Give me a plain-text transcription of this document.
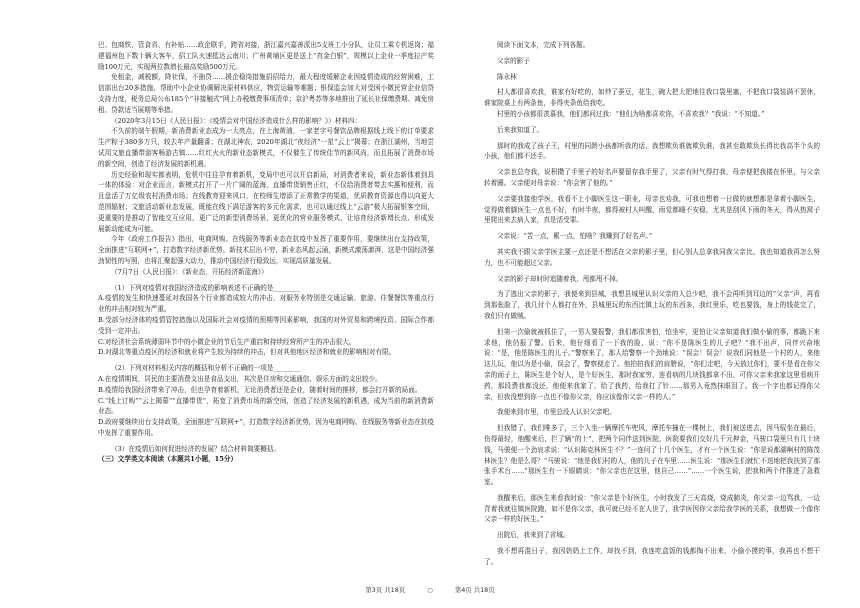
巴、包商铁、管食省、有补贴……政企联手，跨省对接，浙江嘉兴嘉善派出5支班工小分队，让员工乘专机返岗；福建福州包下数十辆大客车，招工队火速抵达云南川；广州黄埔区更是送上“真金白银”，规模以上企业一季度拉产奖励100万元，实现两位数增长最高奖励500万元。

免租金，减税额，降社保，不抽贷……援企稳岗措施招招给力，最大程度缓解企业因疫情造成的经营困难，工信部出台20多措施，帮助中小企业协调解决原材料供应，物资运输等难题；银保监会加大对受困小微民营企业信贷支持力度，税务总局公布185个“非接触式”网上办税缴费事项清单；京沪粤苏等多地推出了延长社保缴费期、减免房租、贷款适当展期等举措。

（2020年3月15日《人民日报》：《疫情会对中国经济造成什么样的影响？》）材料四：

不久前的端午假期，新消费新业态成为一大亮点，在上海黄浦，一家老字号餐饮品牌根据线上线下的订单要求生产粽子380多万只，较去年产量翻番；在湖北神农，2020年湖北“夜经济”一星“云上”揭幕；在浙江湖州，当地尝试用文旅直播带游客畅游古镇……红红火火的新业态新模式，不仅催生了传统佳节的新风尚，而且拓展了消费市场的新空间，创造了经济发展的新机遇。

历史经验和现实都表明，危机中往往孕育着新机，变局中也可以开启新局，对消费者来说，新业态新体着到具一体的体验：对企业而言，新模式打开了一片广阔的蓝海，直播带货销售正红，不仅给消费者带去实惠和便利，而且盘活了万亿级农村消费市场；在线教育迎来风口，在校师生增添了正常教学的渠道，优质教育资源也得以向更大范围辐射；文旅活动新业态发展，既能在线下满足游客的多元化需求，也可以通过线上“云游”极大拓展银客空间，更重要的是推动了智能交互应用，更广泛的新型消费场景，更优化的营业服务模式，让培育经济新增长点、形成发展新动能成为可能。

今年《政府工作报告》指出，电商网购、在线服务等新业态在抗疫中发挥了重要作用，要继续出台支持政策，全面推进“互联网+”，打造数字经济新优势。新技术层出不穷，新业态风起云涌，新模式激荡澎湃，这是中国经济强劲韧性的写照，也将汇聚起强大动力，推动中国经济行稳致远，实现高质量发展。

（7月7日《人民日报》：《新业态，开拓经济新蓝海》）

（1）下列对疫情对我国经济造成的影响表述不正确的是________

A.疫情的发生和快速蔓延对我国各个行业都造成较大的冲击，对服务业特别是交通运输、旅游、住餐餐饮等重点行业的冲击相对较为严重。

B.受部分经济体的疫情管控措施以及国际社会对疫情的预期等因素影响，我国的对外贸易和跨境投资、国际合作都受到一定冲击。

C.对经济社会系统薄弱环节中的小微企业的节后生产重启和持续经营所产生的冲击很大。

D.对湖北等重点疫区的经济和就业将产生较为持续的冲击，但对其他地区经济和就业的影响相对有限。

（2）下列对材料相关内容的概括和分析不正确的一项是________

A.在疫情期间，居民的主要消费支出是食品支出，其次是住房和交通通信、娱乐方面的支出较少。

B.疫情给我国经济带来了冲击，但也孕育着新机，无论消费者还是企业，随着时间的推移，都会打开新的局面。

C.“线上订购”“云上揭幕”“直播带货”，拓宽了消费市场的新空间，创造了经济发展的新机遇，成为当前的新消费新业态。

D.政府要继续出台支持政策，全面推进“互联网+”，打造数字经济新优势，因为电商网购、在线服务等新业态在抗疫中发挥了重要作用。

（3）在疫情后如何促进经济的发展？结合材料简要概括。

（三）文学类文本阅读（本题共1小题，15分）

阅读下面文本，完成下列各题。

父亲的影子

陈永林

村人都很喜欢我，谁家有好吃的，如炒了蚕豆，花生，碗大把大把地往我口袋里塞，不把我口袋装满不罢休，谁家院桌上有两条鱼，非得夹条鱼给我吃。

村里的小孩都很羡慕我，他们都问过我：“他们为啥都喜欢你，不喜欢我？”我说：“不知道。”

后来我知道了。

那时的我成了孩子王，村里的同龄小孩都听我的话，我想欺负谁就欺负谁，我甚至敢欺负长得比我高半个头的小孩，他们都不还手。

父亲也总夸我，说积攒了手里子的好名声要留存我手里了，父亲有时气得打我，母亲便把我搂在怀里，与父亲转着圈。父亲便对母亲说：“你会害了他的。”

父亲要我接他学医，我看不上小脚医生这一职业，母亲也劝我，可我也想着一日做的就想都是拿着小脚医生，觉得做着脚医生一点也不好，有时半夜，都得被村人叫醒，雨觉都睡不安稳，尤其是刮风下雨的冬天，得从热窝子里爬出来去病人家，真是活受罪。

父亲说：“苦一点，累一点，怕啥？我赚到了好名声。”

其实我不跟父亲学医主要一点还是不想活在父亲的影子里，但心别人总拿我同我父亲比，我也知道我再怎么努力，也不可能超过父亲。

父亲的影子却时时追随着我，甩都甩不掉。

为了逃出父亲的影子，我便来到县城，我想县城里认识父亲的人总少吧，我不会再听到耳边的“父亲”声，再看到那张脸了，我几付个人都打在外，县城里玩的东西比镇上玩的东西多，我红里乐，吃也要钱，身上的钱花完了，我们只有做贼。

但第一次偷就被抓住了，一男人要报警，我们都很害怕，怕坐牢，更怕让父亲知道我们做小偷的事，都跪下来求他，他仍报了警。后来，他仔细看了一下我的脸，说：“你不是陈医生的儿子吧？”我不出声，同伴兴奋地说：“是，他是陈医生的儿子。”警察来了，那人给警察一个劲地说：“误会！误会！说我们同他是一个村的人，来他这儿玩，他以为是小偷，误会了，警察便走了。他拍拍我们的肩膀说，“你们走吧，今天放过你们，要不是看在你父亲的面子上，陈医生是个好人，是个好医生，那时我家穷，连看病的几块钱都拿不出，可你父亲来我家这里看病开药，那段费我都没还，他便来我家了，给了我药，给我打了针……那男人竟然抹眼泪了。我一个字也都记得你父亲，但我没想到你一点也不像你父亲，你应该像你父亲一样的人。”

我便来到市里，市里总没人认识父亲吧。

但我错了，我们唯多了，三个人坐一辆摩托车兜风，摩托车撞在一棵树上，我们被送进去，因马驭坐在最后，伤得最轻，他醒来后，拦了辆“的士”，把两个同伴送到医院，医院要我们交好几千元押金，马骏口袋里只有几十块钱，马骏便一个劲哀求说：“认识陈克林医生不？”一连问了十几个医生，才有一个医生说：“你是说都湖啊村的陈茂林医生？他是么哥？”马骏说：“他是我们村的人，他的儿子在车里……医生说：“那医生们就忙不迭地把我扶到了那张手术台……”那医生有一下眼睛说：“你父亲也在这里，他自己……”……一个医生说，把我和两个伴推进了急救室。

我醒来后，那医生来看我时说：“你父亲是个好医生，小时我发了三天高烧，烧成肺炎，你父亲一边骂我，一边背着我就往镇医院跑，如不是你父亲，我可就已经不在人世了，我学医因你父亲给我学医的关系，我想做一个像你父亲一样的好医生。”

出院后，我来到了省城。

我不想再混日子，我因奶奶上工作，却找不到，我连吃盒饭的钱都掏不出来，小偷小摸的事，我再也不想干了。

第3页 共18页	○	第4页 共18页
